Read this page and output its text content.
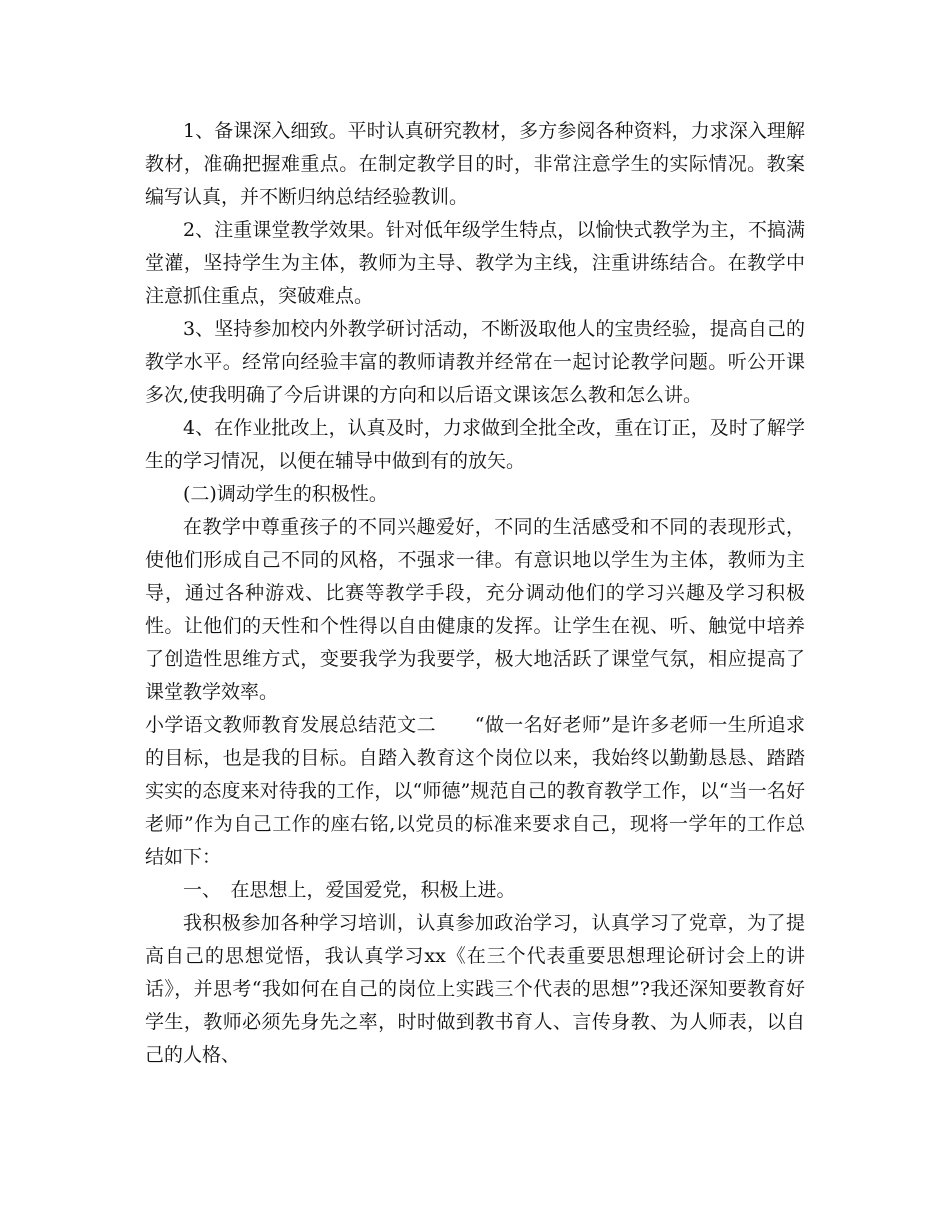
1、备课深入细致。平时认真研究教材，多方参阅各种资料，力求深入理解教材，准确把握难重点。在制定教学目的时，非常注意学生的实际情况。教案编写认真，并不断归纳总结经验教训。

2、注重课堂教学效果。针对低年级学生特点，以愉快式教学为主，不搞满堂灌，坚持学生为主体，教师为主导、教学为主线，注重讲练结合。在教学中注意抓住重点，突破难点。

3、坚持参加校内外教学研讨活动，不断汲取他人的宝贵经验，提高自己的教学水平。经常向经验丰富的教师请教并经常在一起讨论教学问题。听公开课多次,使我明确了今后讲课的方向和以后语文课该怎么教和怎么讲。

4、在作业批改上，认真及时，力求做到全批全改，重在订正，及时了解学生的学习情况，以便在辅导中做到有的放矢。

(二)调动学生的积极性。

在教学中尊重孩子的不同兴趣爱好，不同的生活感受和不同的表现形式，使他们形成自己不同的风格，不强求一律。有意识地以学生为主体，教师为主导，通过各种游戏、比赛等教学手段，充分调动他们的学习兴趣及学习积极性。让他们的天性和个性得以自由健康的发挥。让学生在视、听、触觉中培养了创造性思维方式，变要我学为我要学，极大地活跃了课堂气氛，相应提高了课堂教学效率。

小学语文教师教育发展总结范文二　　“做一名好老师”是许多老师一生所追求的目标，也是我的目标。自踏入教育这个岗位以来，我始终以勤勤恳恳、踏踏实实的态度来对待我的工作，以“师德”规范自己的教育教学工作，以“当一名好老师”作为自己工作的座右铭,以党员的标准来要求自己，现将一学年的工作总结如下：

一、　在思想上，爱国爱党，积极上进。

我积极参加各种学习培训，认真参加政治学习，认真学习了党章，为了提高自己的思想觉悟，我认真学习xx《在三个代表重要思想理论研讨会上的讲话》，并思考“我如何在自己的岗位上实践三个代表的思想”?我还深知要教育好学生，教师必须先身先之率，时时做到教书育人、言传身教、为人师表，以自己的人格、
